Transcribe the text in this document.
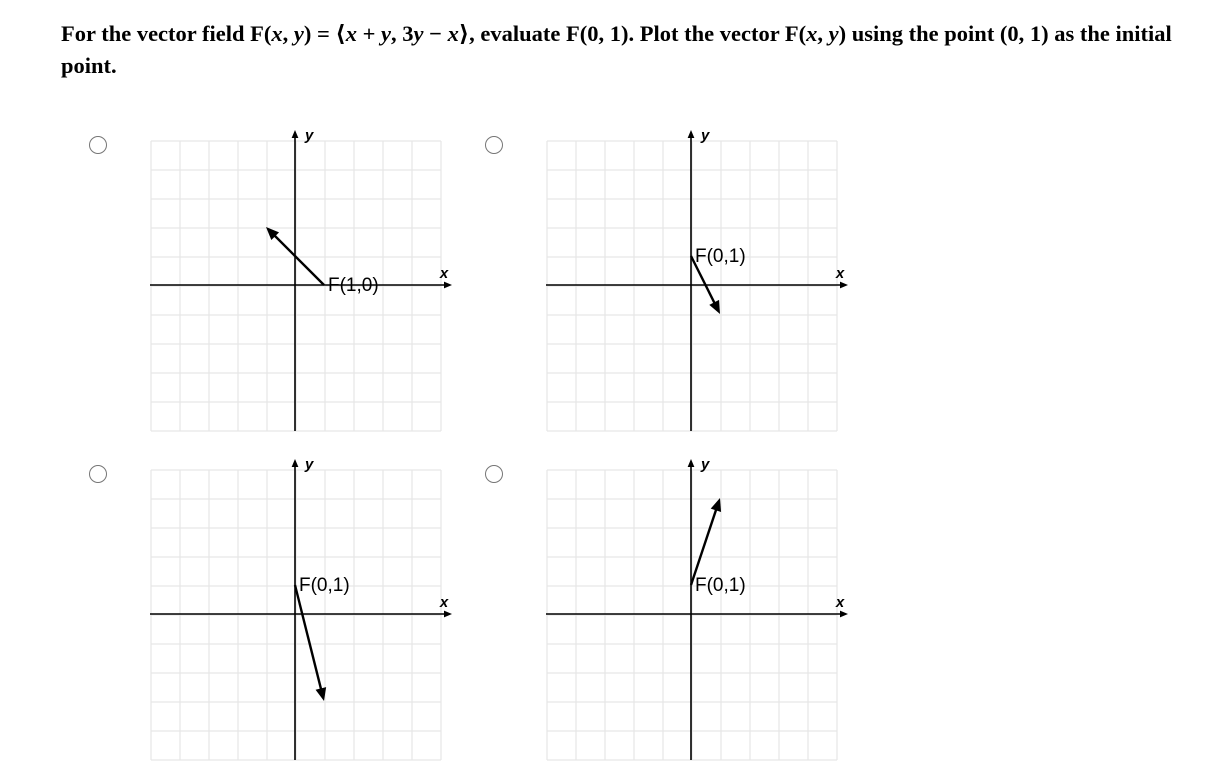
For the vector field F(x, y) = ⟨x + y, 3y − x⟩, evaluate F(0, 1). Plot the vector F(x, y) using the point (0, 1) as the initial point.

y
x
F(1,0)
y
x
F(0,1)
y
x
F(0,1)
y
x
F(0,1)
